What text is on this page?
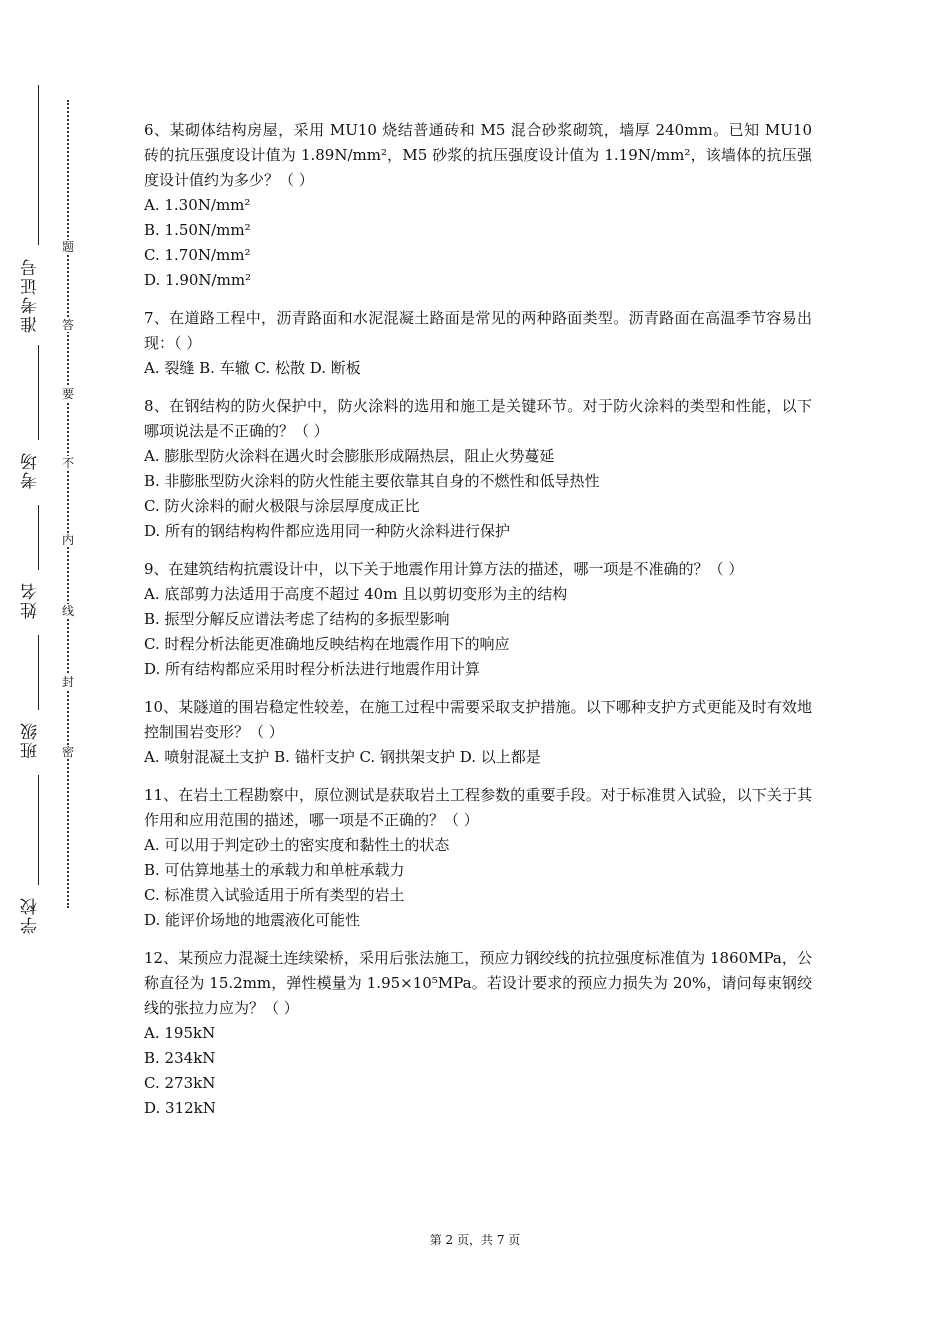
准考证号
考场
姓名
班级
学校
题
答
要
不
内
线
封
密
6、某砌体结构房屋，采用 MU10 烧结普通砖和 M5 混合砂浆砌筑，墙厚 240mm。已知 MU10 砖的抗压强度设计值为 1.89N/mm²，M5 砂浆的抗压强度设计值为 1.19N/mm²，该墙体的抗压强度设计值约为多少？（ ）
A. 1.30N/mm²
B. 1.50N/mm²
C. 1.70N/mm²
D. 1.90N/mm²
7、在道路工程中，沥青路面和水泥混凝土路面是常见的两种路面类型。沥青路面在高温季节容易出现：（ ）
A. 裂缝 B. 车辙 C. 松散 D. 断板
8、在钢结构的防火保护中，防火涂料的选用和施工是关键环节。对于防火涂料的类型和性能，以下哪项说法是不正确的？（ ）
A. 膨胀型防火涂料在遇火时会膨胀形成隔热层，阻止火势蔓延
B. 非膨胀型防火涂料的防火性能主要依靠其自身的不燃性和低导热性
C. 防火涂料的耐火极限与涂层厚度成正比
D. 所有的钢结构构件都应选用同一种防火涂料进行保护
9、在建筑结构抗震设计中，以下关于地震作用计算方法的描述，哪一项是不准确的？（ ）
A. 底部剪力法适用于高度不超过 40m 且以剪切变形为主的结构
B. 振型分解反应谱法考虑了结构的多振型影响
C. 时程分析法能更准确地反映结构在地震作用下的响应
D. 所有结构都应采用时程分析法进行地震作用计算
10、某隧道的围岩稳定性较差，在施工过程中需要采取支护措施。以下哪种支护方式更能及时有效地控制围岩变形？（ ）
A. 喷射混凝土支护 B. 锚杆支护 C. 钢拱架支护 D. 以上都是
11、在岩土工程勘察中，原位测试是获取岩土工程参数的重要手段。对于标准贯入试验，以下关于其作用和应用范围的描述，哪一项是不正确的？（ ）
A. 可以用于判定砂土的密实度和黏性土的状态
B. 可估算地基土的承载力和单桩承载力
C. 标准贯入试验适用于所有类型的岩土
D. 能评价场地的地震液化可能性
12、某预应力混凝土连续梁桥，采用后张法施工，预应力钢绞线的抗拉强度标准值为 1860MPa，公称直径为 15.2mm，弹性模量为 1.95×10⁵MPa。若设计要求的预应力损失为 20%，请问每束钢绞线的张拉力应为？（ ）
A. 195kN
B. 234kN
C. 273kN
D. 312kN
第 2 页，共 7 页
